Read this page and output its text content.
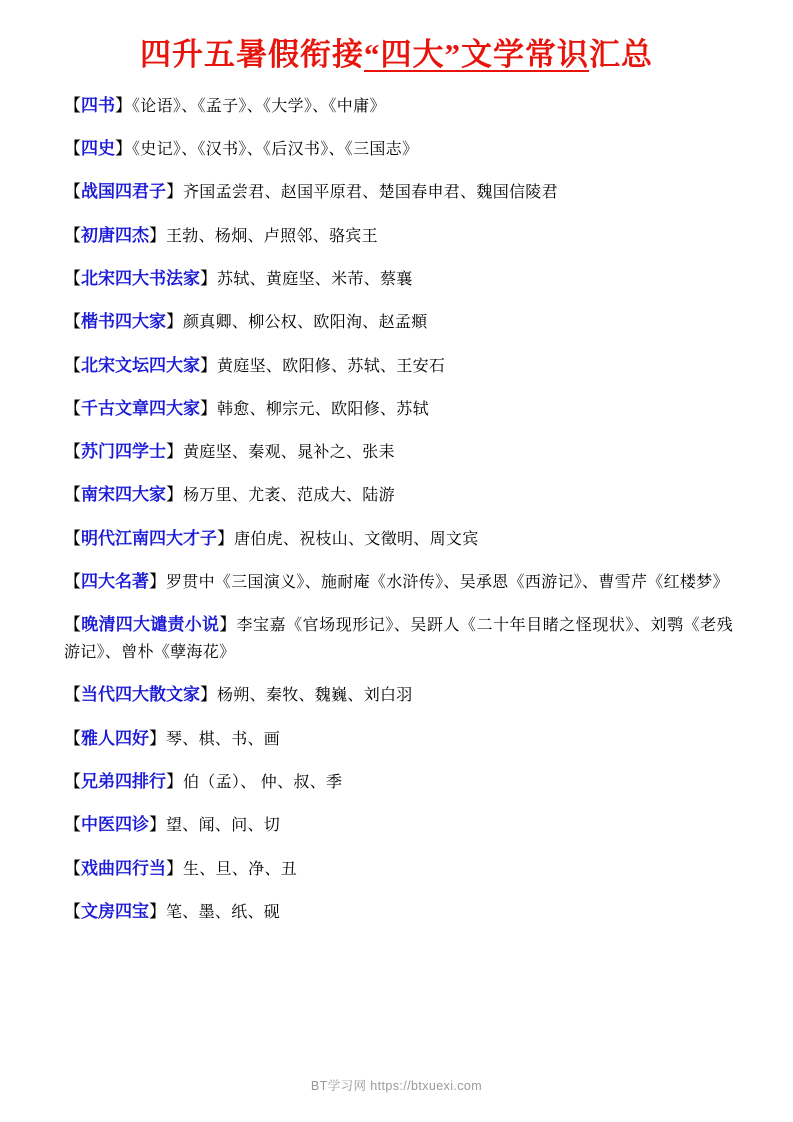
四升五暑假衔接“四大”文学常识汇总

【四书】《论语》、《孟子》、《大学》、《中庸》

【四史】《史记》、《汉书》、《后汉书》、《三国志》

【战国四君子】齐国孟尝君、赵国平原君、楚国春申君、魏国信陵君

【初唐四杰】王勃、杨炯、卢照邻、骆宾王

【北宋四大书法家】苏轼、黄庭坚、米芾、蔡襄

【楷书四大家】颜真卿、柳公权、欧阳洵、赵孟頫

【北宋文坛四大家】黄庭坚、欧阳修、苏轼、王安石

【千古文章四大家】韩愈、柳宗元、欧阳修、苏轼

【苏门四学士】黄庭坚、秦观、晁补之、张耒

【南宋四大家】杨万里、尤袤、范成大、陆游

【明代江南四大才子】唐伯虎、祝枝山、文徵明、周文宾

【四大名著】罗贯中《三国演义》、施耐庵《水浒传》、吴承恩《西游记》、曹雪芹《红楼梦》

【晚清四大谴责小说】李宝嘉《官场现形记》、吴趼人《二十年目睹之怪现状》、刘鹗《老残游记》、曾朴《孽海花》

【当代四大散文家】杨朔、秦牧、魏巍、刘白羽

【雅人四好】琴、棋、书、画

【兄弟四排行】伯（孟）、 仲、叔、季

【中医四诊】望、闻、问、切

【戏曲四行当】生、旦、净、丑

【文房四宝】笔、墨、纸、砚

BT学习网 https://btxuexi.com
